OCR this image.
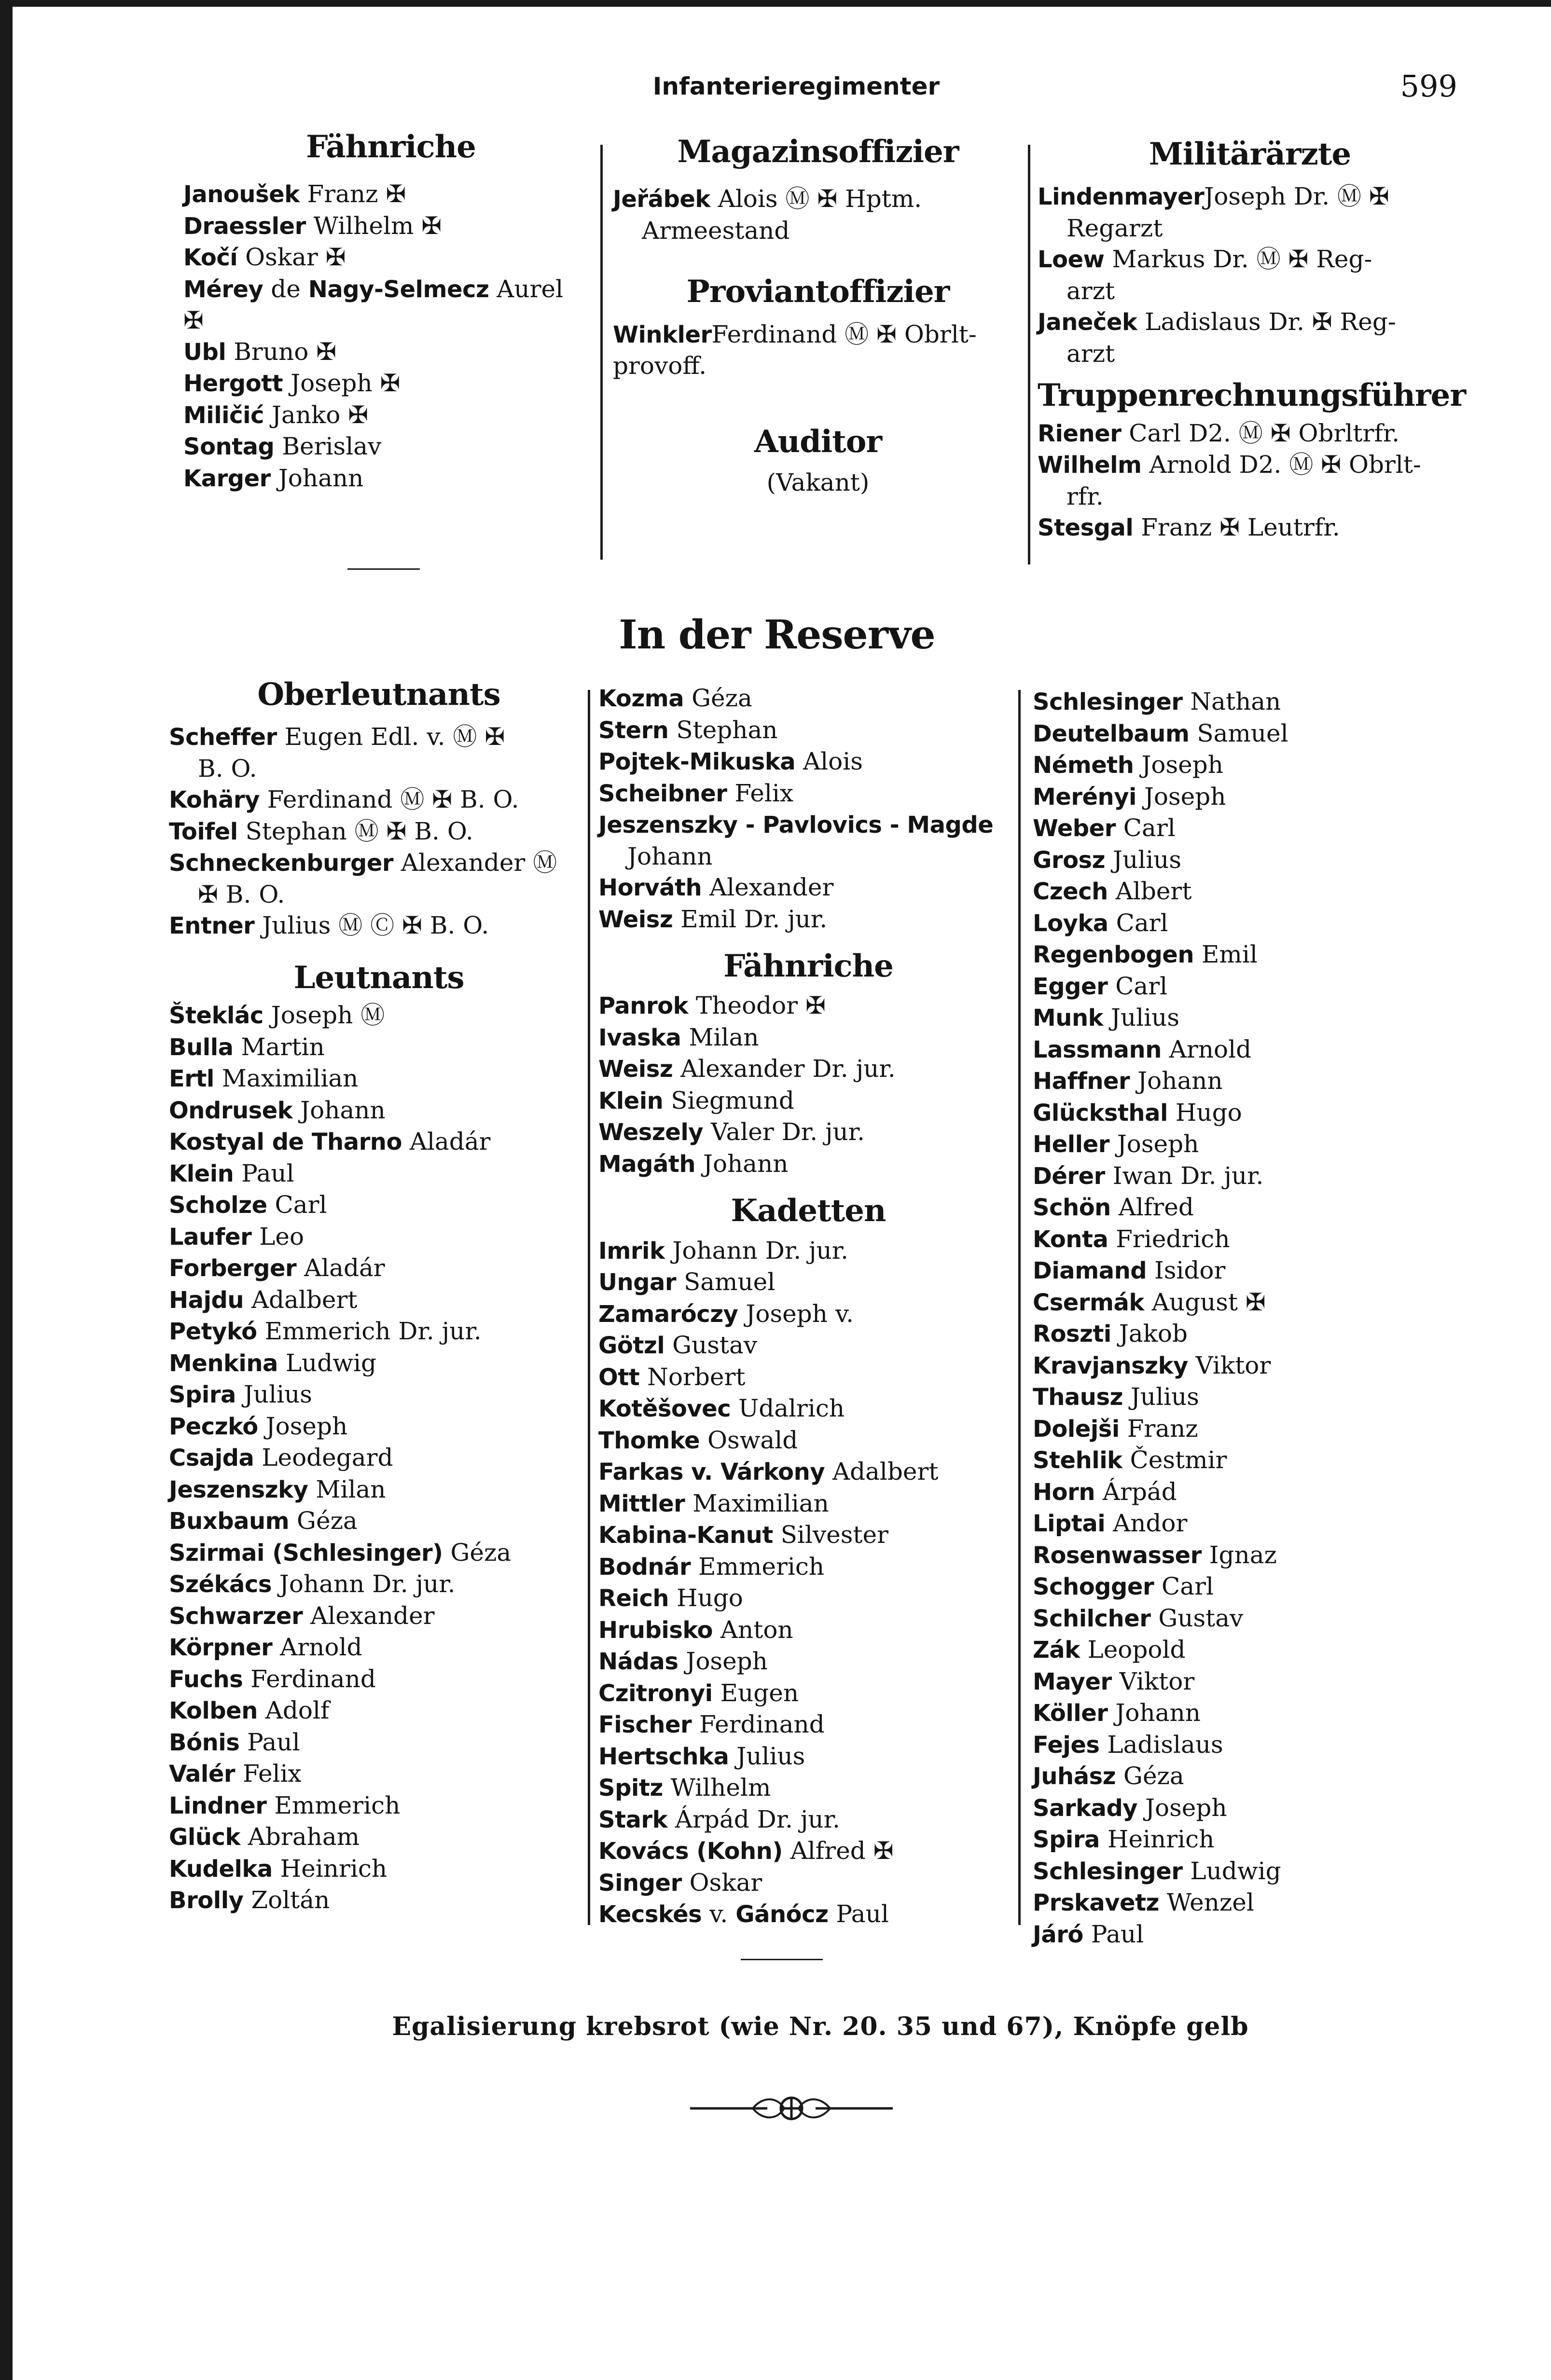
Infanterieregimenter	599
Fähnriche
Janoušek Franz ✠
Draessler Wilhelm ✠
Kočí Oskar ✠
Mérey de Nagy-Selmecz Aurel
✠
Ubl Bruno ✠
Hergott Joseph ✠
Miličić Janko ✠
Sontag Berislav
Karger Johann
Magazinsoffizier
Jeřábek Alois Ⓜ ✠ Hptm.
Armeestand
Proviantoffizier
WinklerFerdinand Ⓜ ✠ Obrlt-
provoff.
Auditor
(Vakant)
Militärärzte
LindenmayerJoseph Dr. Ⓜ ✠
Regarzt
Loew Markus Dr. Ⓜ ✠ Reg-
arzt
Janeček Ladislaus Dr. ✠ Reg-
arzt
Truppenrechnungsführer
Riener Carl D2. Ⓜ ✠ Obrltrfr.
Wilhelm Arnold D2. Ⓜ ✠ Obrlt-
rfr.
Stesgal Franz ✠ Leutrfr.
In der Reserve
Oberleutnants
Scheffer Eugen Edl. v. Ⓜ ✠
B. O.
Kohäry Ferdinand Ⓜ ✠ B. O.
Toifel Stephan Ⓜ ✠ B. O.
Schneckenburger Alexander Ⓜ
✠ B. O.
Entner Julius Ⓜ Ⓒ ✠ B. O.
Leutnants
Šteklác Joseph Ⓜ
Bulla Martin
Ertl Maximilian
Ondrusek Johann
Kostyal de Tharno Aladár
Klein Paul
Scholze Carl
Laufer Leo
Forberger Aladár
Hajdu Adalbert
Petykó Emmerich Dr. jur.
Menkina Ludwig
Spira Julius
Peczkó Joseph
Csajda Leodegard
Jeszenszky Milan
Buxbaum Géza
Szirmai (Schlesinger) Géza
Székács Johann Dr. jur.
Schwarzer Alexander
Körpner Arnold
Fuchs Ferdinand
Kolben Adolf
Bónis Paul
Valér Felix
Lindner Emmerich
Glück Abraham
Kudelka Heinrich
Brolly Zoltán
Kozma Géza
Stern Stephan
Pojtek-Mikuska Alois
Scheibner Felix
Jeszenszky - Pavlovics - Magde
Johann
Horváth Alexander
Weisz Emil Dr. jur.
Fähnriche
Panrok Theodor ✠
Ivaska Milan
Weisz Alexander Dr. jur.
Klein Siegmund
Weszely Valer Dr. jur.
Magáth Johann
Kadetten
Imrik Johann Dr. jur.
Ungar Samuel
Zamaróczy Joseph v.
Götzl Gustav
Ott Norbert
Kotěšovec Udalrich
Thomke Oswald
Farkas v. Várkony Adalbert
Mittler Maximilian
Kabina-Kanut Silvester
Bodnár Emmerich
Reich Hugo
Hrubisko Anton
Nádas Joseph
Czitronyi Eugen
Fischer Ferdinand
Hertschka Julius
Spitz Wilhelm
Stark Árpád Dr. jur.
Kovács (Kohn) Alfred ✠
Singer Oskar
Kecskés v. Gánócz Paul
Schlesinger Nathan
Deutelbaum Samuel
Németh Joseph
Merényi Joseph
Weber Carl
Grosz Julius
Czech Albert
Loyka Carl
Regenbogen Emil
Egger Carl
Munk Julius
Lassmann Arnold
Haffner Johann
Glücksthal Hugo
Heller Joseph
Dérer Iwan Dr. jur.
Schön Alfred
Konta Friedrich
Diamand Isidor
Csermák August ✠
Roszti Jakob
Kravjanszky Viktor
Thausz Julius
Dolejši Franz
Stehlik Čestmir
Horn Árpád
Liptai Andor
Rosenwasser Ignaz
Schogger Carl
Schilcher Gustav
Zák Leopold
Mayer Viktor
Köller Johann
Fejes Ladislaus
Juhász Géza
Sarkady Joseph
Spira Heinrich
Schlesinger Ludwig
Prskavetz Wenzel
Járó Paul
Egalisierung krebsrot (wie Nr. 20. 35 und 67), Knöpfe gelb
